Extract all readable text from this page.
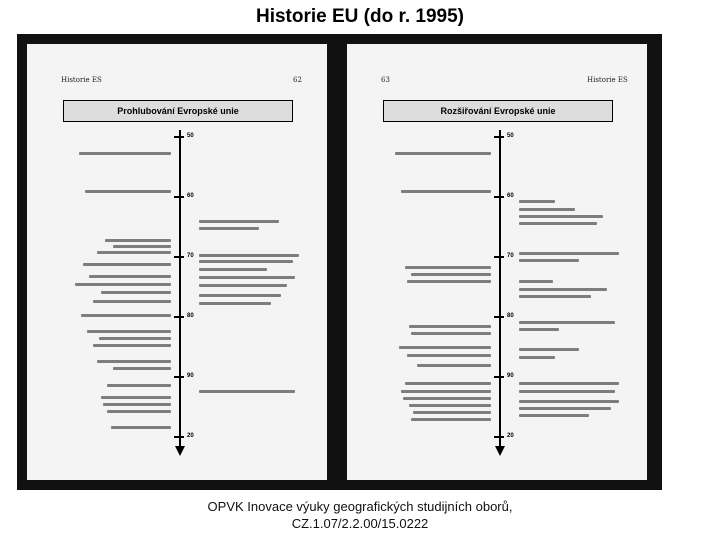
Historie EU (do r. 1995)
Historie ES	62
Prohlubování Evropské unie
50
60
70
80
90
20
63	Historie ES
Rozšiřování Evropské unie
50
60
70
80
90
20
OPVK Inovace výuky geografických studijních oborů,
CZ.1.07/2.2.00/15.0222
